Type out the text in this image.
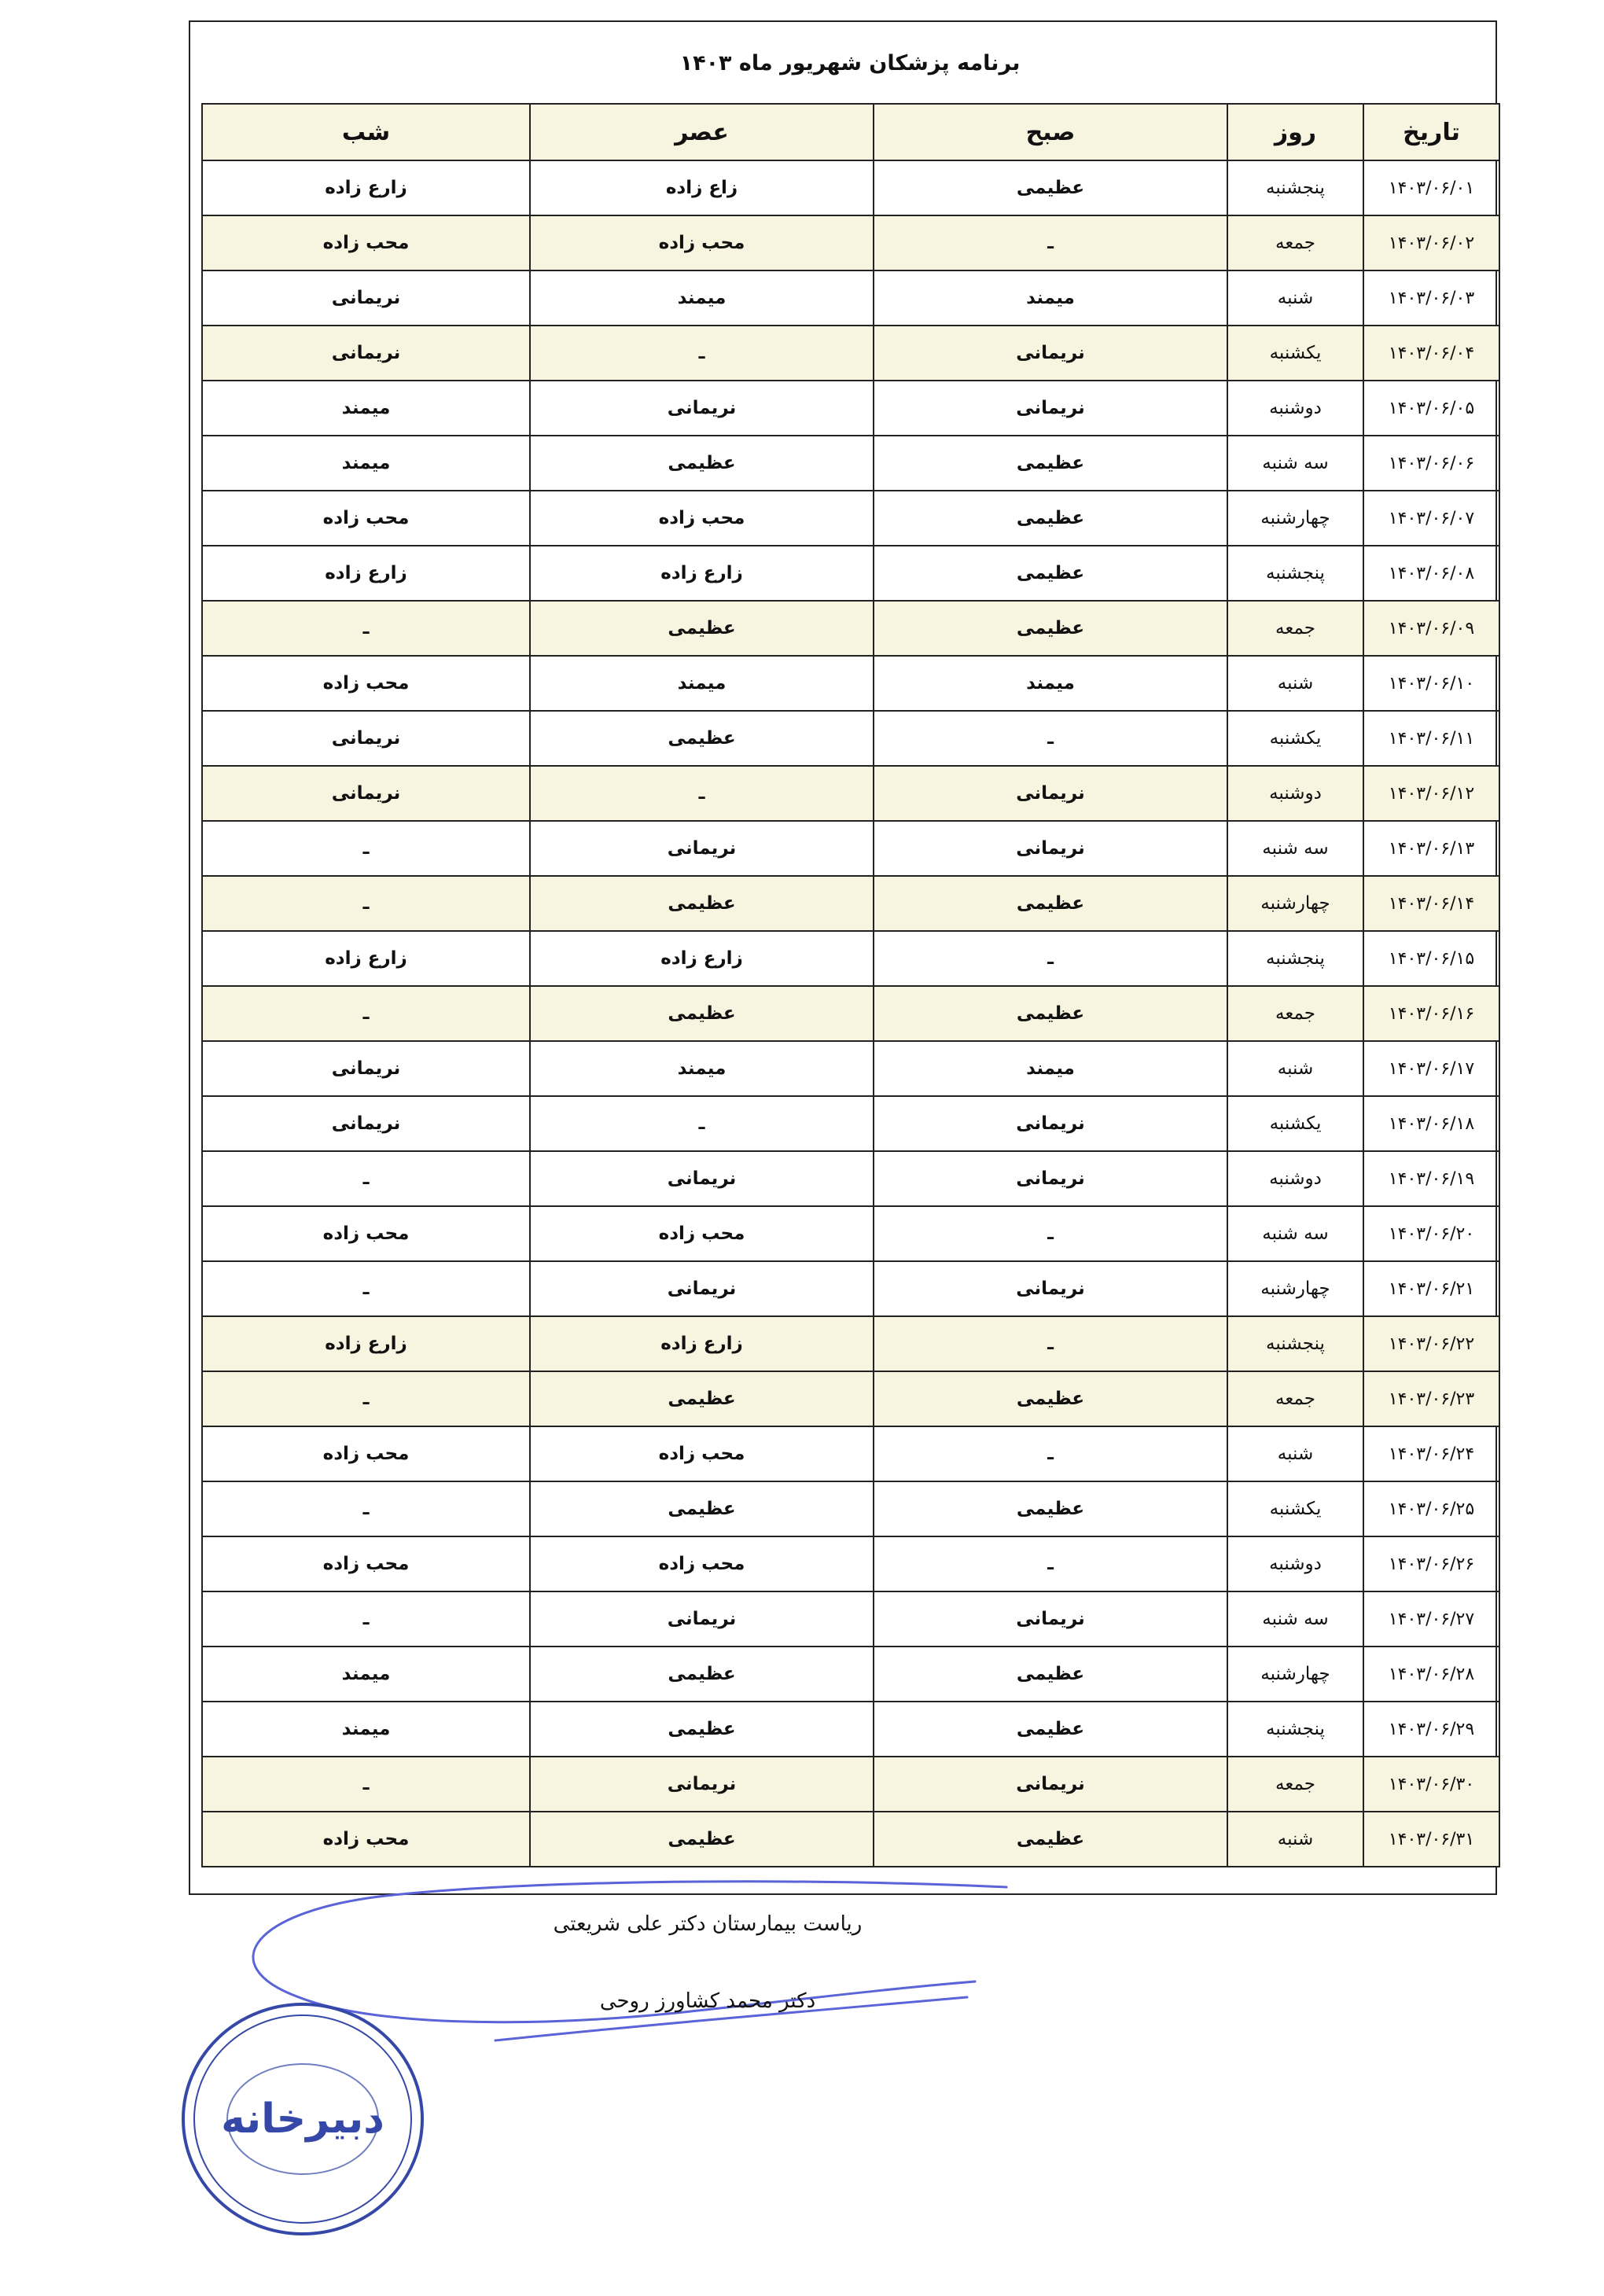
برنامه پزشکان شهریور ماه ۱۴۰۳
تاریخ	روز	صبح	عصر	شب
۱۴۰۳/۰۶/۰۱	پنجشنبه	عظیمی	زاع زاده	زارع زاده
۱۴۰۳/۰۶/۰۲	جمعه	ـ	محب زاده	محب زاده
۱۴۰۳/۰۶/۰۳	شنبه	میمند	میمند	نریمانی
۱۴۰۳/۰۶/۰۴	یکشنبه	نریمانی	ـ	نریمانی
۱۴۰۳/۰۶/۰۵	دوشنبه	نریمانی	نریمانی	میمند
۱۴۰۳/۰۶/۰۶	سه شنبه	عظیمی	عظیمی	میمند
۱۴۰۳/۰۶/۰۷	چهارشنبه	عظیمی	محب زاده	محب زاده
۱۴۰۳/۰۶/۰۸	پنجشنبه	عظیمی	زارع زاده	زارع زاده
۱۴۰۳/۰۶/۰۹	جمعه	عظیمی	عظیمی	ـ
۱۴۰۳/۰۶/۱۰	شنبه	میمند	میمند	محب زاده
۱۴۰۳/۰۶/۱۱	یکشنبه	ـ	عظیمی	نریمانی
۱۴۰۳/۰۶/۱۲	دوشنبه	نریمانی	ـ	نریمانی
۱۴۰۳/۰۶/۱۳	سه شنبه	نریمانی	نریمانی	ـ
۱۴۰۳/۰۶/۱۴	چهارشنبه	عظیمی	عظیمی	ـ
۱۴۰۳/۰۶/۱۵	پنجشنبه	ـ	زارع زاده	زارع زاده
۱۴۰۳/۰۶/۱۶	جمعه	عظیمی	عظیمی	ـ
۱۴۰۳/۰۶/۱۷	شنبه	میمند	میمند	نریمانی
۱۴۰۳/۰۶/۱۸	یکشنبه	نریمانی	ـ	نریمانی
۱۴۰۳/۰۶/۱۹	دوشنبه	نریمانی	نریمانی	ـ
۱۴۰۳/۰۶/۲۰	سه شنبه	ـ	محب زاده	محب زاده
۱۴۰۳/۰۶/۲۱	چهارشنبه	نریمانی	نریمانی	ـ
۱۴۰۳/۰۶/۲۲	پنجشنبه	ـ	زارع زاده	زارع زاده
۱۴۰۳/۰۶/۲۳	جمعه	عظیمی	عظیمی	ـ
۱۴۰۳/۰۶/۲۴	شنبه	ـ	محب زاده	محب زاده
۱۴۰۳/۰۶/۲۵	یکشنبه	عظیمی	عظیمی	ـ
۱۴۰۳/۰۶/۲۶	دوشنبه	ـ	محب زاده	محب زاده
۱۴۰۳/۰۶/۲۷	سه شنبه	نریمانی	نریمانی	ـ
۱۴۰۳/۰۶/۲۸	چهارشنبه	عظیمی	عظیمی	میمند
۱۴۰۳/۰۶/۲۹	پنجشنبه	عظیمی	عظیمی	میمند
۱۴۰۳/۰۶/۳۰	جمعه	نریمانی	نریمانی	ـ
۱۴۰۳/۰۶/۳۱	شنبه	عظیمی	عظیمی	محب زاده
ریاست بیمارستان دکتر علی شریعتی
دکتر محمد کشاورز روحی
دبیرخانه
